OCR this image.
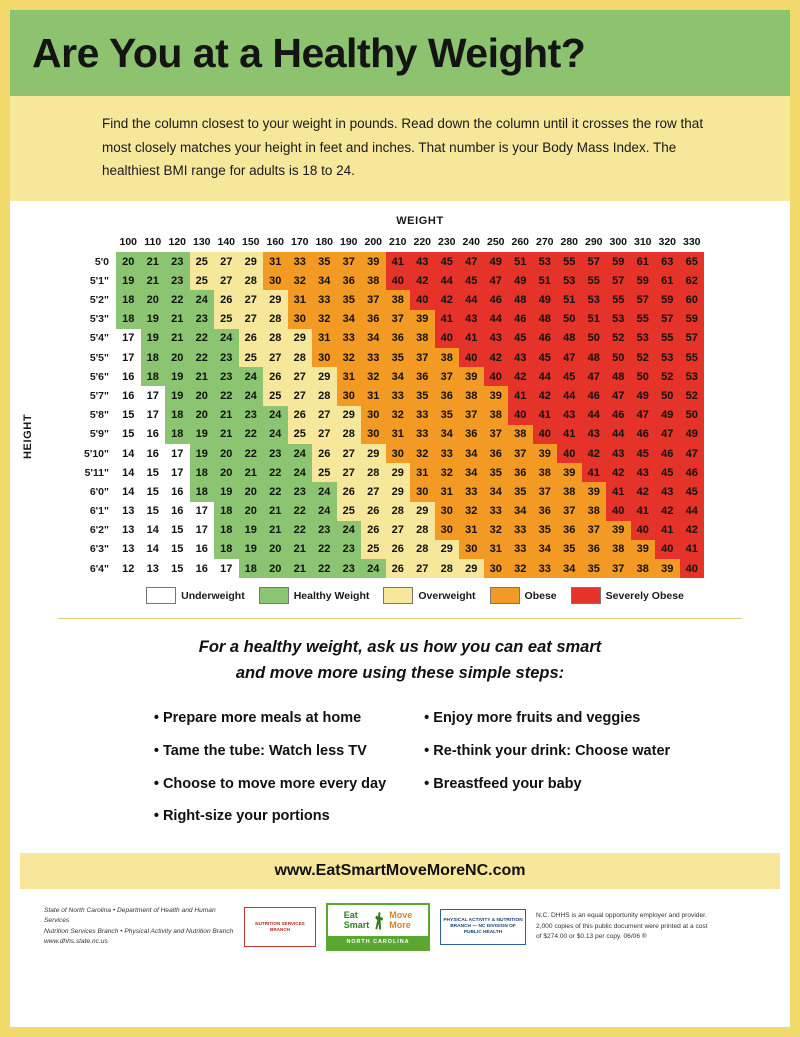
Are You at a Healthy Weight?

Find the column closest to your weight in pounds. Read down the column until it crosses the row that most closely matches your height in feet and inches. That number is your Body Mass Index. The healthiest BMI range for adults is 18 to 24.

WEIGHT
HEIGHT
	100	110	120	130	140	150	160	170	180	190	200	210	220	230	240	250	260	270	280	290	300	310	320	330
5'0	20	21	23	25	27	29	31	33	35	37	39	41	43	45	47	49	51	53	55	57	59	61	63	65
5'1"	19	21	23	25	27	28	30	32	34	36	38	40	42	44	45	47	49	51	53	55	57	59	61	62
5'2"	18	20	22	24	26	27	29	31	33	35	37	38	40	42	44	46	48	49	51	53	55	57	59	60
5'3"	18	19	21	23	25	27	28	30	32	34	36	37	39	41	43	44	46	48	50	51	53	55	57	59
5'4"	17	19	21	22	24	26	28	29	31	33	34	36	38	40	41	43	45	46	48	50	52	53	55	57
5'5"	17	18	20	22	23	25	27	28	30	32	33	35	37	38	40	42	43	45	47	48	50	52	53	55
5'6"	16	18	19	21	23	24	26	27	29	31	32	34	36	37	39	40	42	44	45	47	48	50	52	53
5'7"	16	17	19	20	22	24	25	27	28	30	31	33	35	36	38	39	41	42	44	46	47	49	50	52
5'8"	15	17	18	20	21	23	24	26	27	29	30	32	33	35	37	38	40	41	43	44	46	47	49	50
5'9"	15	16	18	19	21	22	24	25	27	28	30	31	33	34	36	37	38	40	41	43	44	46	47	49
5'10"	14	16	17	19	20	22	23	24	26	27	29	30	32	33	34	36	37	39	40	42	43	45	46	47
5'11"	14	15	17	18	20	21	22	24	25	27	28	29	31	32	34	35	36	38	39	41	42	43	45	46
6'0"	14	15	16	18	19	20	22	23	24	26	27	29	30	31	33	34	35	37	38	39	41	42	43	45
6'1"	13	15	16	17	18	20	21	22	24	25	26	28	29	30	32	33	34	36	37	38	40	41	42	44
6'2"	13	14	15	17	18	19	21	22	23	24	26	27	28	30	31	32	33	35	36	37	39	40	41	42
6'3"	13	14	15	16	18	19	20	21	22	23	25	26	28	29	30	31	33	34	35	36	38	39	40	41
6'4"	12	13	15	16	17	18	20	21	22	23	24	26	27	28	29	30	32	33	34	35	37	38	39	40
Underweight	Healthy Weight	Overweight	Obese	Severely Obese
For a healthy weight, ask us how you can eat smart
and move more using these simple steps:
• Prepare more meals at home
• Tame the tube: Watch less TV
• Choose to move more every day
• Right-size your portions
• Enjoy more fruits and veggies
• Re-think your drink: Choose water
• Breastfeed your baby
www.EatSmartMoveMoreNC.com
State of North Carolina • Department of Health and Human Services
Nutrition Services Branch • Physical Activity and Nutrition Branch
www.dhhs.state.nc.us
NUTRITION SERVICES BRANCH
Eat
Smart
Move
More
NORTH CAROLINA
PHYSICAL ACTIVITY & NUTRITION BRANCH — NC DIVISION OF PUBLIC HEALTH
N.C. DHHS is an equal opportunity employer and provider.
2,000 copies of this public document were printed at a cost
of $274.00 or $0.13 per copy. 06/06 ®
